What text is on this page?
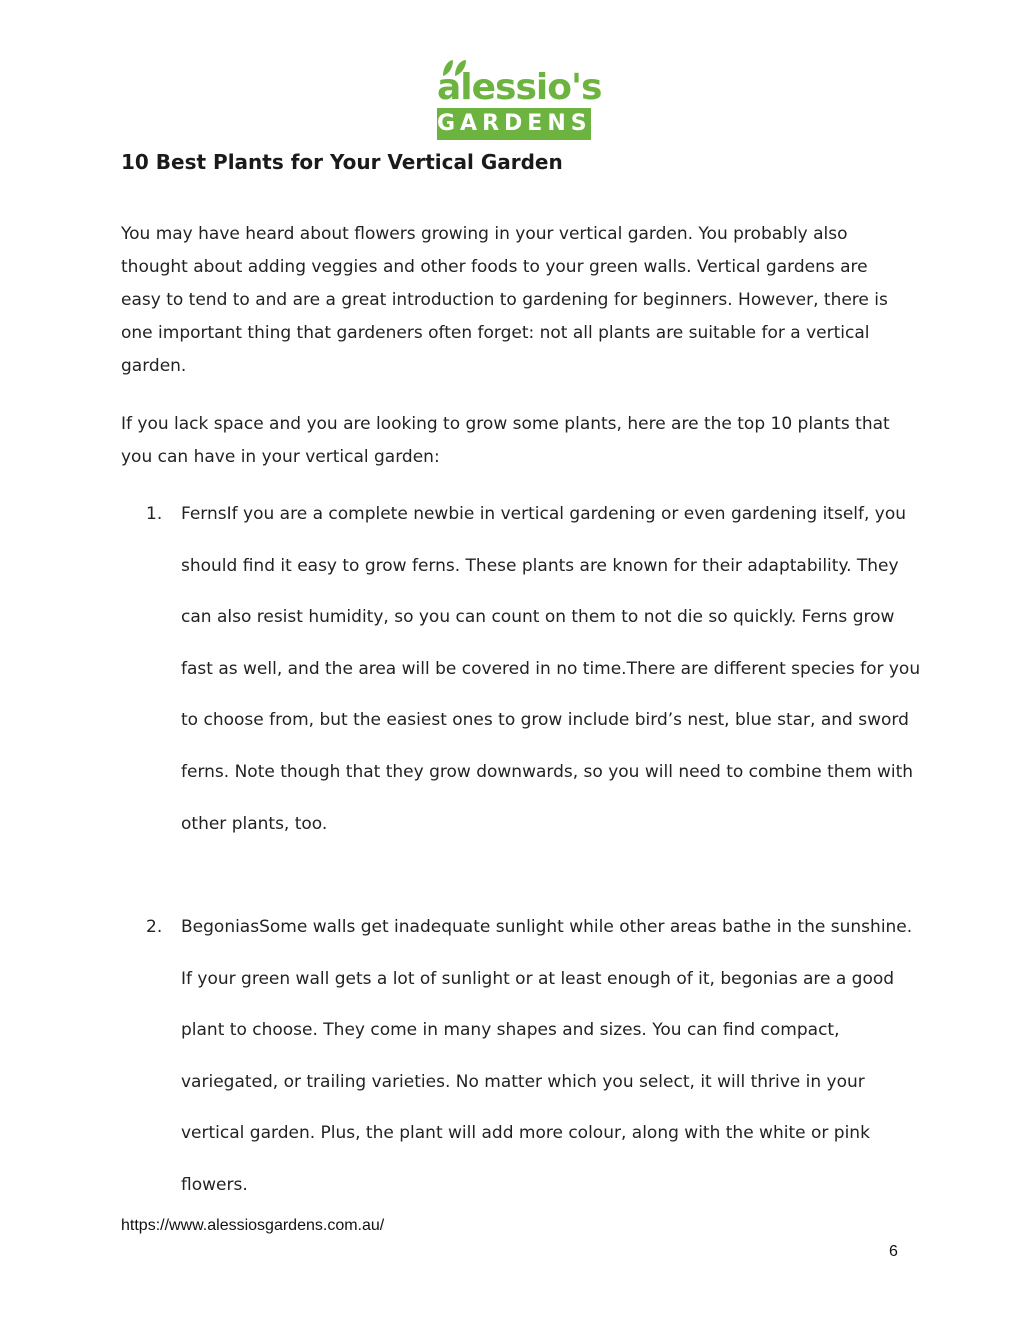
alessio's
GARDENS
10 Best Plants for Your Vertical Garden

You may have heard about flowers growing in your vertical garden. You probably also thought about adding veggies and other foods to your green walls. Vertical gardens are easy to tend to and are a great introduction to gardening for beginners. However, there is one important thing that gardeners often forget: not all plants are suitable for a vertical garden.

If you lack space and you are looking to grow some plants, here are the top 10 plants that you can have in your vertical garden:

1.	FernsIf you are a complete newbie in vertical gardening or even gardening itself, you should find it easy to grow ferns. These plants are known for their adaptability. They can also resist humidity, so you can count on them to not die so quickly. Ferns grow fast as well, and the area will be covered in no time.There are different species for you to choose from, but the easiest ones to grow include bird’s nest, blue star, and sword ferns. Note though that they grow downwards, so you will need to combine them with other plants, too.
2.	BegoniasSome walls get inadequate sunlight while other areas bathe in the sunshine. If your green wall gets a lot of sunlight or at least enough of it, begonias are a good plant to choose. They come in many shapes and sizes. You can find compact, variegated, or trailing varieties. No matter which you select, it will thrive in your vertical garden. Plus, the plant will add more colour, along with the white or pink flowers.
https://www.alessiosgardens.com.au/
6
